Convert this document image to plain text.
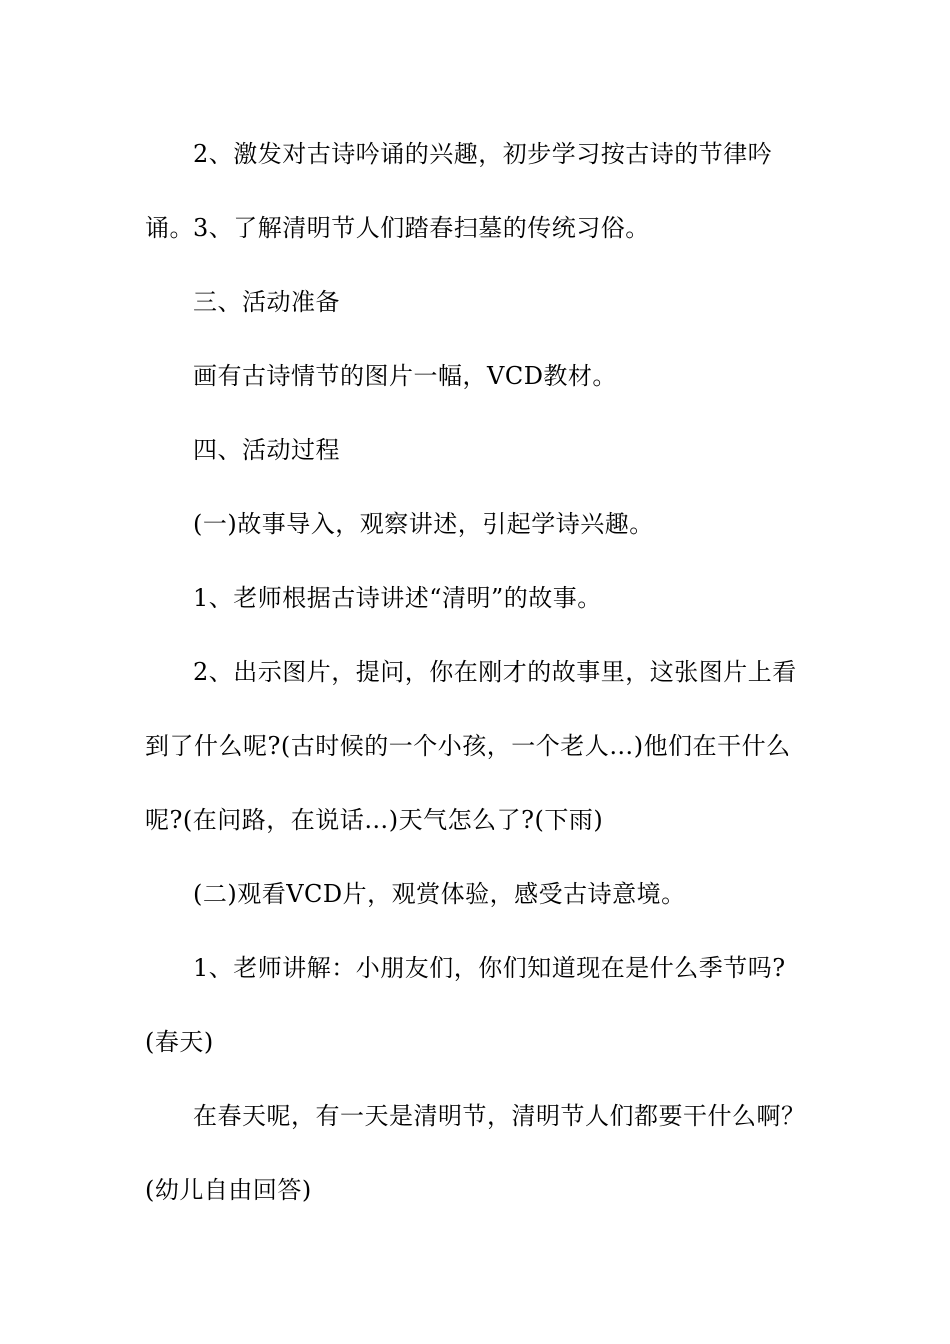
2、激发对古诗吟诵的兴趣，初步学习按古诗的节律吟诵。 3、了解清明节人们踏春扫墓的传统习俗。

三、活动准备

画有古诗情节的图片一幅，VCD教材。

四、活动过程

(一)故事导入，观察讲述，引起学诗兴趣。

1、老师根据古诗讲述“清明”的故事。

2、出示图片，提问，你在刚才的故事里，这张图片上看到了什么呢?(古时候的一个小孩，一个老人…)他们在干什么呢?(在问路，在说话…)天气怎么了?(下雨)

(二)观看VCD片，观赏体验，感受古诗意境。

1、老师讲解：小朋友们，你们知道现在是什么季节吗?(春天)

在春天呢，有一天是清明节，清明节人们都要干什么啊？(幼儿自由回答)
